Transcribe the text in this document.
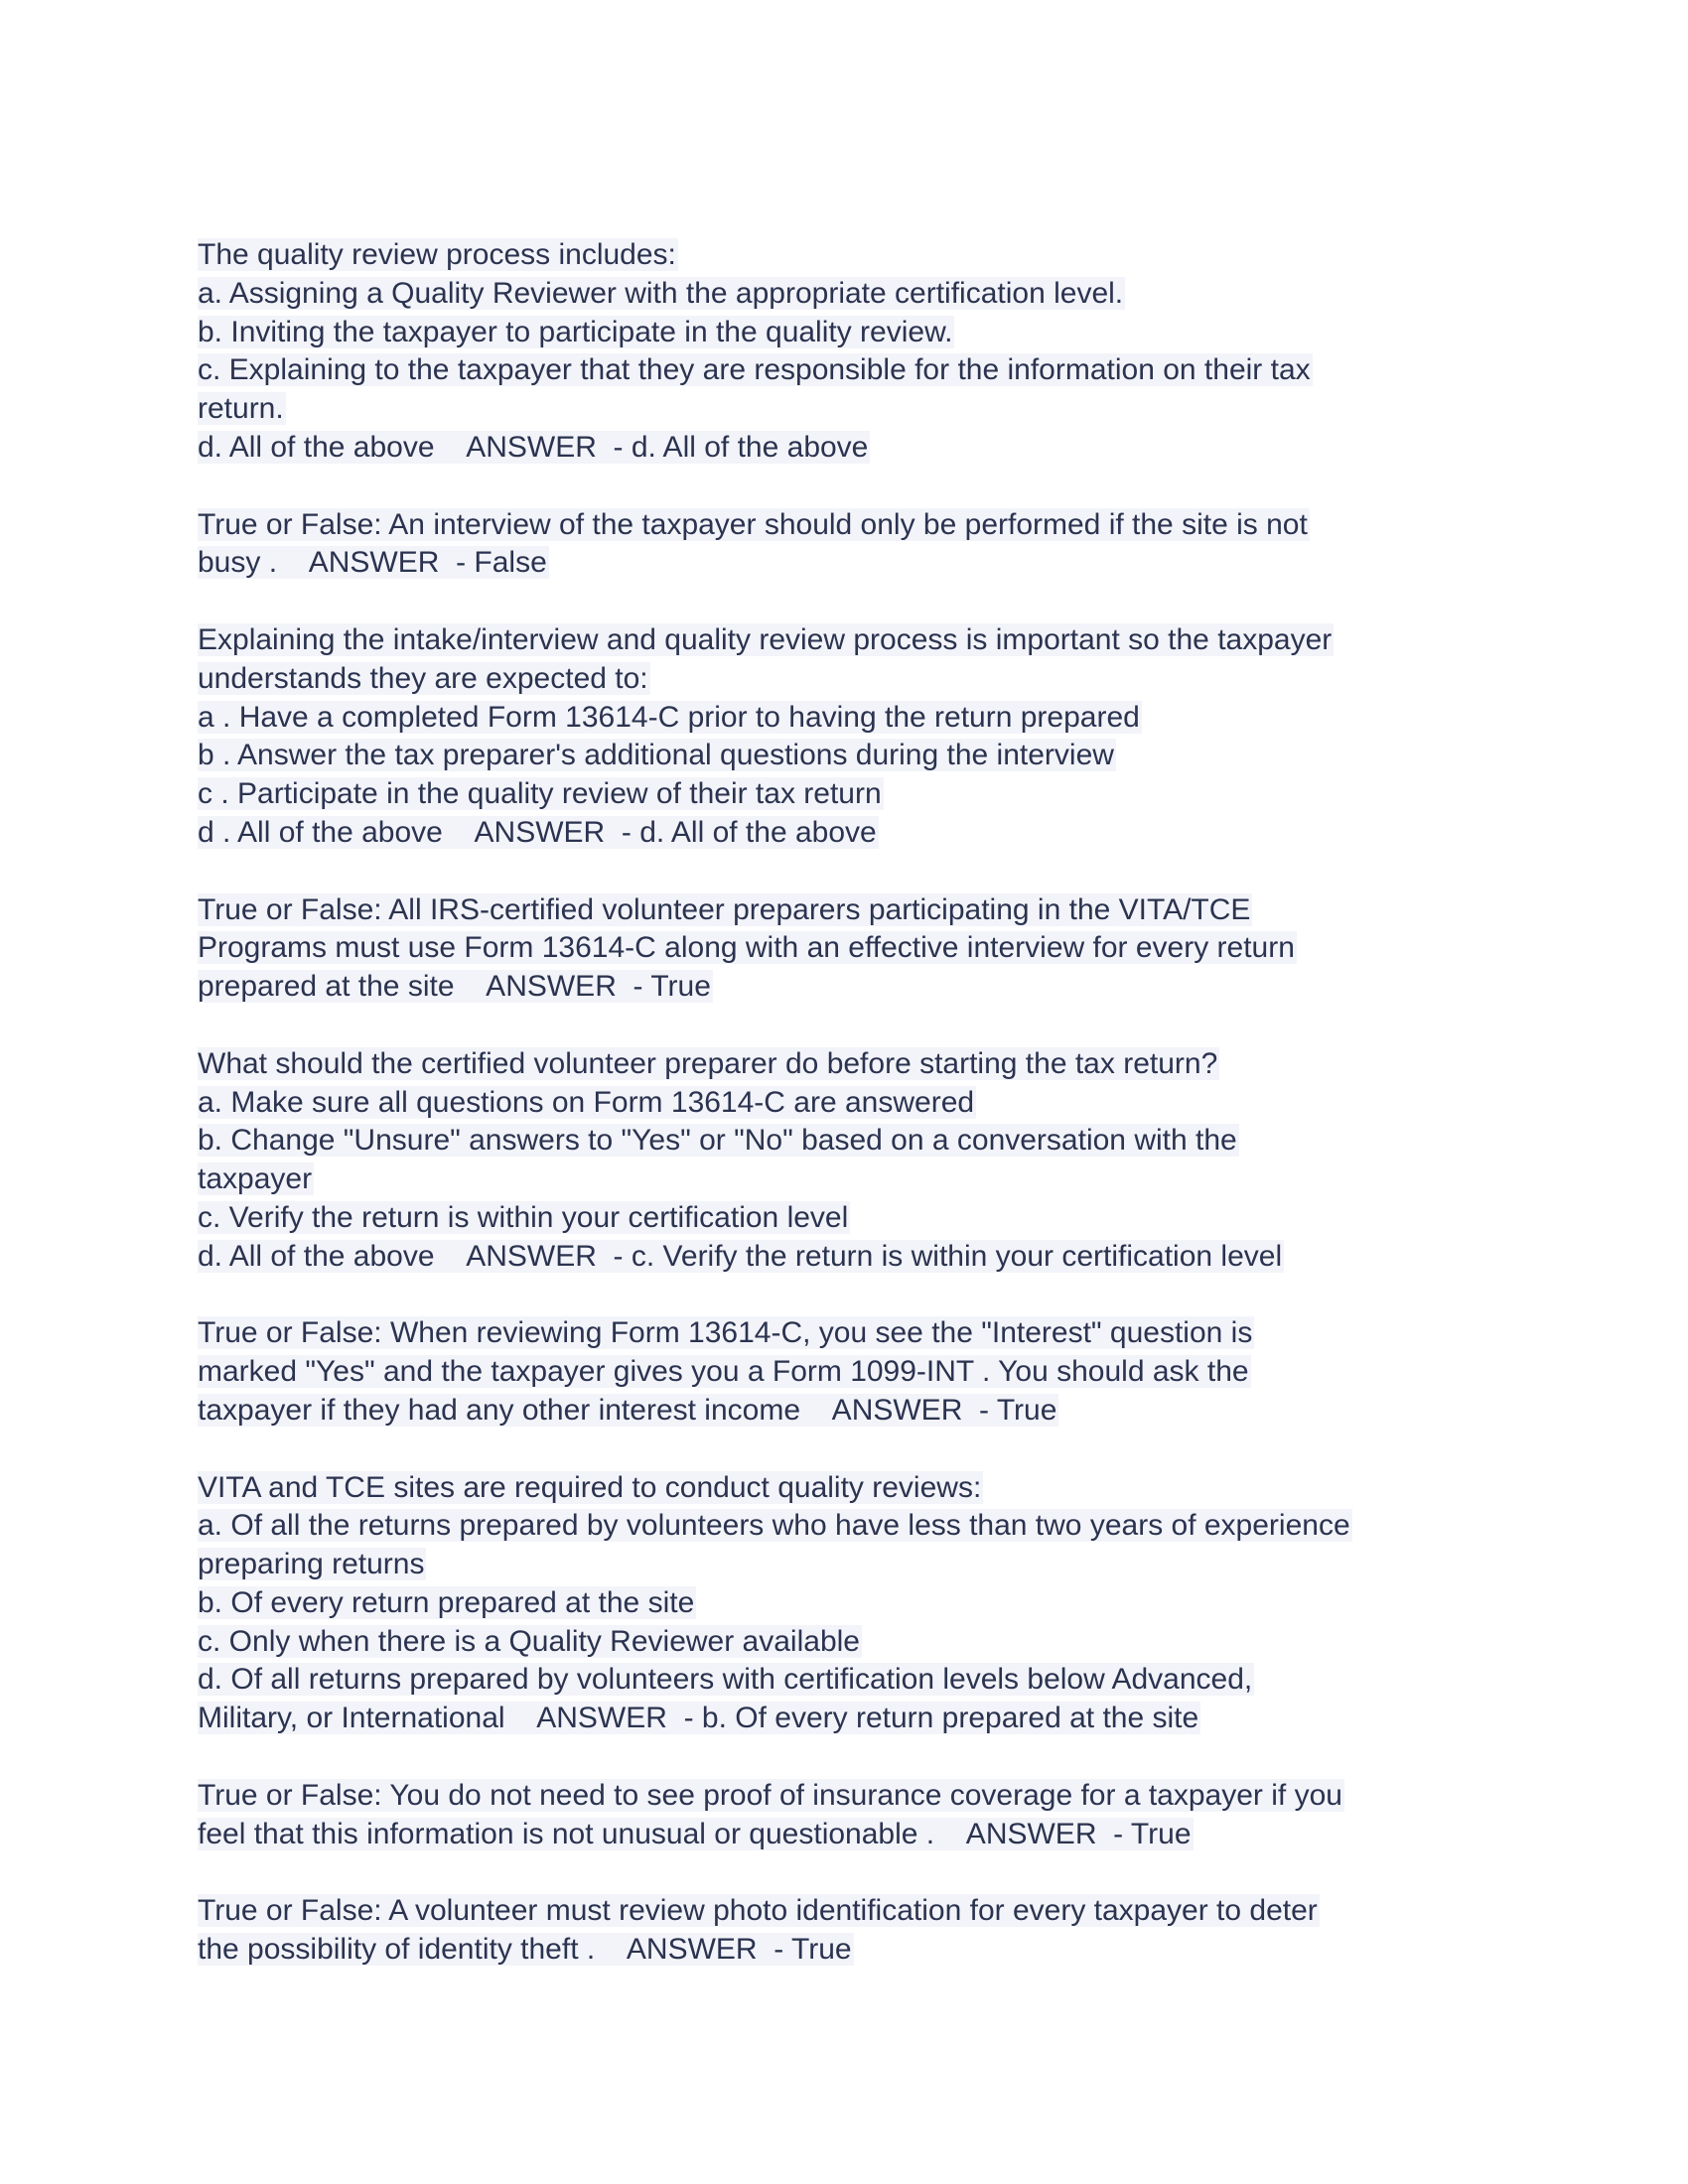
The quality review process includes:
a. Assigning a Quality Reviewer with the appropriate certification level.
b. Inviting the taxpayer to participate in the quality review.
c. Explaining to the taxpayer that they are responsible for the information on their tax
return.
d. All of the above    ANSWER  - d. All of the above
True or False: An interview of the taxpayer should only be performed if the site is not
busy .    ANSWER  - False
Explaining the intake/interview and quality review process is important so the taxpayer
understands they are expected to:
a . Have a completed Form 13614-C prior to having the return prepared
b . Answer the tax preparer's additional questions during the interview
c . Participate in the quality review of their tax return
d . All of the above    ANSWER  - d. All of the above
True or False: All IRS-certified volunteer preparers participating in the VITA/TCE
Programs must use Form 13614-C along with an effective interview for every return
prepared at the site    ANSWER  - True
What should the certified volunteer preparer do before starting the tax return?
a. Make sure all questions on Form 13614-C are answered
b. Change "Unsure" answers to "Yes" or "No" based on a conversation with the
taxpayer
c. Verify the return is within your certification level
d. All of the above    ANSWER  - c. Verify the return is within your certification level
True or False: When reviewing Form 13614-C, you see the "Interest" question is
marked "Yes" and the taxpayer gives you a Form 1099-INT . You should ask the
taxpayer if they had any other interest income    ANSWER  - True
VITA and TCE sites are required to conduct quality reviews:
a. Of all the returns prepared by volunteers who have less than two years of experience
preparing returns
b. Of every return prepared at the site
c. Only when there is a Quality Reviewer available
d. Of all returns prepared by volunteers with certification levels below Advanced,
Military, or International    ANSWER  - b. Of every return prepared at the site
True or False: You do not need to see proof of insurance coverage for a taxpayer if you
feel that this information is not unusual or questionable .    ANSWER  - True
True or False: A volunteer must review photo identification for every taxpayer to deter
the possibility of identity theft .    ANSWER  - True
